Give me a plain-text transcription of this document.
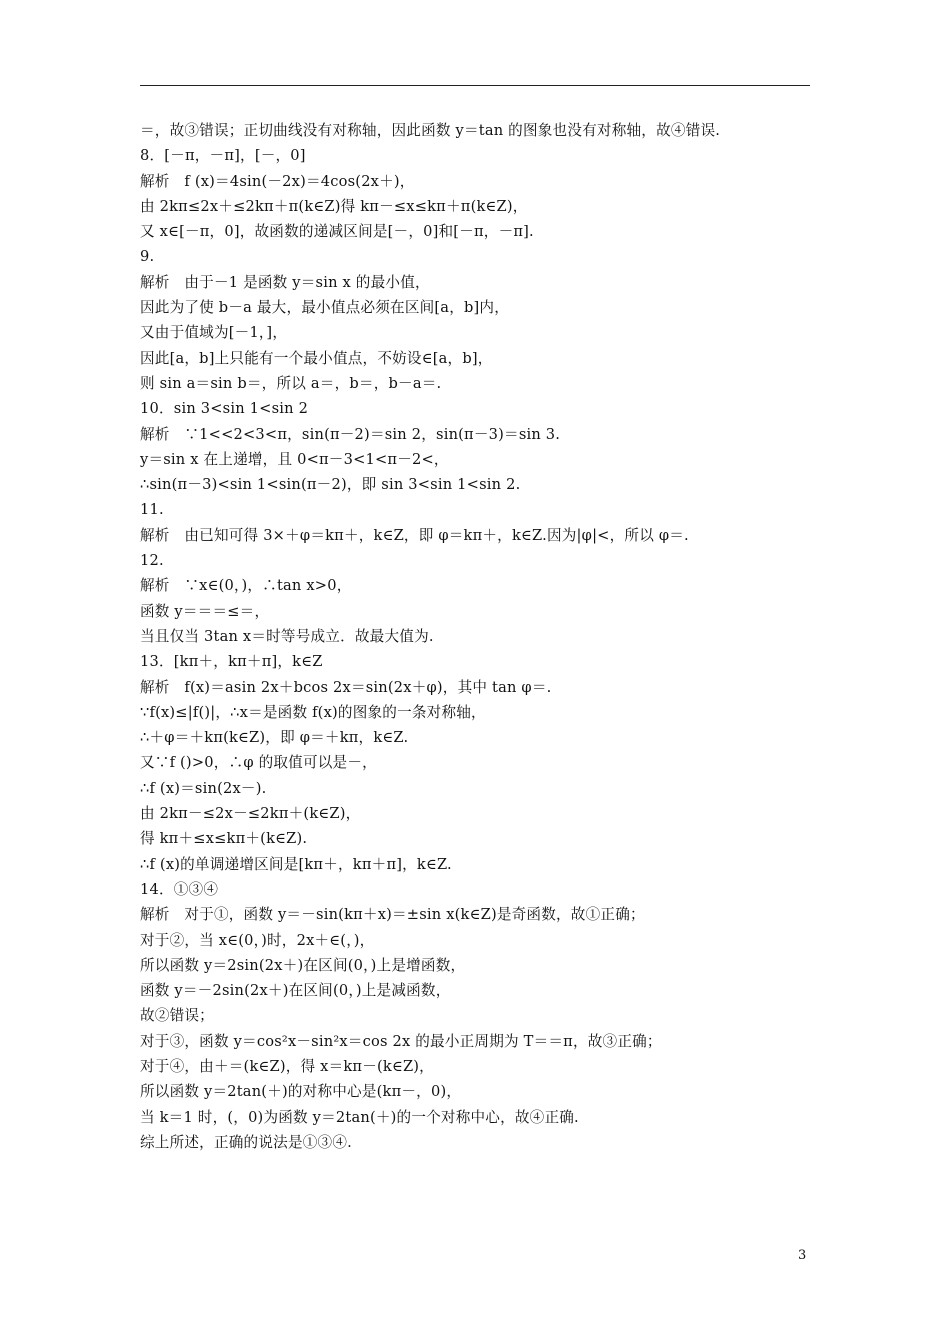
＝，故③错误；正切曲线没有对称轴，因此函数 y＝tan 的图象也没有对称轴，故④错误.
8．[－π，－π]，[－，0]
解析　f (x)＝4sin(－2x)＝4cos(2x＋)，
由 2kπ≤2x＋≤2kπ＋π(k∈Z)得 kπ－≤x≤kπ＋π(k∈Z)，
又 x∈[－π，0]，故函数的递减区间是[－，0]和[－π，－π].
9.
解析　由于－1 是函数 y＝sin x 的最小值，
因此为了使 b－a 最大，最小值点必须在区间[a，b]内，
又由于值域为[－1，]，
因此[a，b]上只能有一个最小值点，不妨设∈[a，b]，
则 sin a＝sin b＝，所以 a＝，b＝，b－a＝.
10．sin 3<sin 1<sin 2
解析　∵1<<2<3<π，sin(π－2)＝sin 2，sin(π－3)＝sin 3.
y＝sin x 在上递增，且 0<π－3<1<π－2<，
∴sin(π－3)<sin 1<sin(π－2)，即 sin 3<sin 1<sin 2.
11.
解析　由已知可得 3×＋φ＝kπ＋，k∈Z，即 φ＝kπ＋，k∈Z.因为|φ|<，所以 φ＝.
12.
解析　∵x∈(0，)，∴tan x>0，
函数 y＝＝＝≤＝，
当且仅当 3tan x＝时等号成立．故最大值为.
13．[kπ＋，kπ＋π]，k∈Z
解析　f(x)＝asin 2x＋bcos 2x＝sin(2x＋φ)，其中 tan φ＝.
∵f(x)≤|f()|，∴x＝是函数 f(x)的图象的一条对称轴，
∴＋φ＝＋kπ(k∈Z)，即 φ＝＋kπ，k∈Z.
又∵f ()>0，∴φ 的取值可以是－，
∴f (x)＝sin(2x－).
由 2kπ－≤2x－≤2kπ＋(k∈Z)，
得 kπ＋≤x≤kπ＋(k∈Z).
∴f (x)的单调递增区间是[kπ＋，kπ＋π]，k∈Z.
14．①③④
解析　对于①，函数 y＝－sin(kπ＋x)＝±sin x(k∈Z)是奇函数，故①正确；
对于②，当 x∈(0，)时，2x＋∈(，)，
所以函数 y＝2sin(2x＋)在区间(0，)上是增函数，
函数 y＝－2sin(2x＋)在区间(0，)上是减函数，
故②错误；
对于③，函数 y＝cos²x－sin²x＝cos 2x 的最小正周期为 T＝＝π，故③正确；
对于④，由＋＝(k∈Z)，得 x＝kπ－(k∈Z)，
所以函数 y＝2tan(＋)的对称中心是(kπ－，0)，
当 k＝1 时，(，0)为函数 y＝2tan(＋)的一个对称中心，故④正确.
综上所述，正确的说法是①③④.
3
